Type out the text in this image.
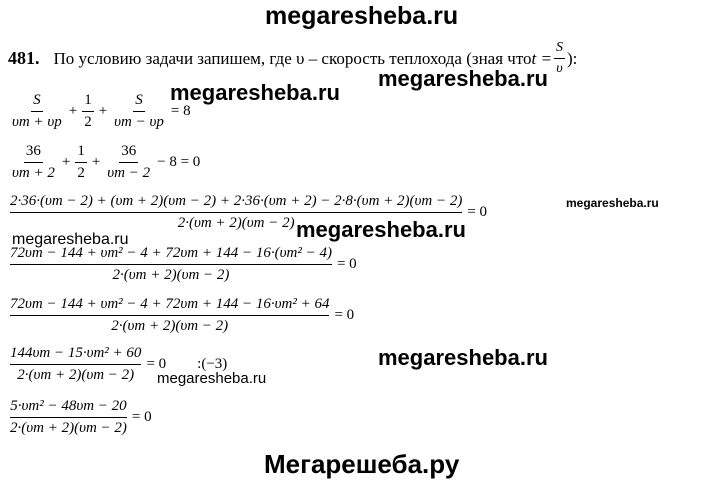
megaresheba.ru
megaresheba.ru
megaresheba.ru
megaresheba.ru
megaresheba.ru
megaresheba.ru
megaresheba.ru
megaresheba.ru
Мегарешеба.ру
481. По условию задачи запишем, где υ – скорость теплохода (зная что $t = \frac{S}{\upsilon}$ ):
$\frac{S}{\upsilon m + \upsilon p} + \frac{1}{2} + \frac{S}{\upsilon m - \upsilon p} = 8$
$\frac{36}{\upsilon m + 2} + \frac{1}{2} + \frac{36}{\upsilon m - 2} - 8 = 0$
2·36·(υm − 2) + (υm + 2)(υm − 2) + 2·36·(υm + 2) − 2·8·(υm + 2)(υm − 2)
2·(υm + 2)(υm − 2)
= 0
$\frac{\text{72υm − 144 + υm² − 4 + 72υm + 144 − 16·(υm² − 4)}}{2\cdot(\upsilon m + 2)(\upsilon m - 2)} = 0$
$\frac{\text{72υm − 144 + υm² − 4 + 72υm + 144 − 16·υm² + 64}}{2\cdot(\upsilon m + 2)(\upsilon m - 2)} = 0$
$\frac{\text{144υm − 15·υm² + 60}}{2\cdot(\upsilon m + 2)(\upsilon m - 2)} = 0$ :(−3)
$\frac{\text{5·υm² − 48υm − 20}}{2\cdot(\upsilon m + 2)(\upsilon m - 2)} = 0$
